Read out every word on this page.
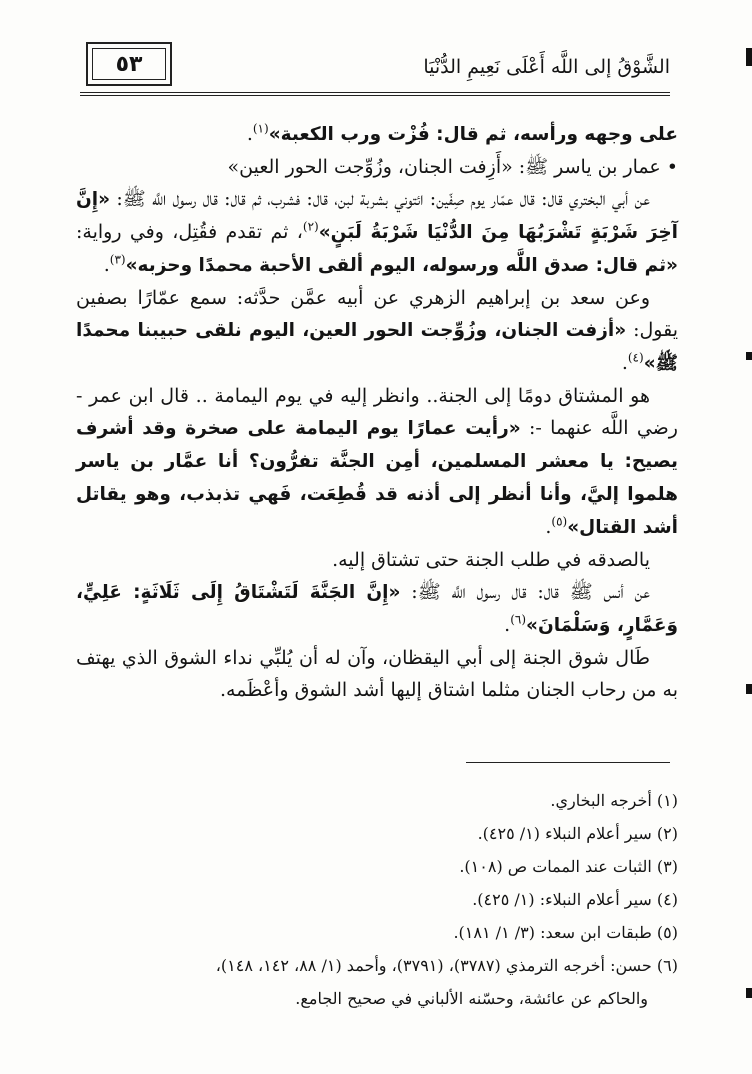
٥٣	الشَّوْقُ إلى اللَّه أَعْلَى نَعِيمِ الدُّنْيَا

على وجهه ورأسه، ثم قال: فُزْت ورب الكعبة»$^{(١)}$.

• عمار بن ياسر ﷺ: «أَزِفت الجنان، وزُوِّجت الحور العين»

عن أبي البختري قال: قال عمّار يوم صِفّين: ائتوني بشربة لبن، قال: فشرب، ثم قال: قال رسول اللَّه ﷺ: «إِنَّ آخِرَ شَرْبَةٍ تَشْرَبُهَا مِنَ الدُّنْيَا شَرْبَةُ لَبَنٍ»$^{(٢)}$، ثم تقدم فقُتِل، وفي رواية: «ثم قال: صدق اللَّه ورسوله، اليوم ألقى الأحبة محمدًا وحزبه»$^{(٣)}$.

وعن سعد بن إبراهيم الزهري عن أبيه عمَّن حدَّثه: سمع عمّارًا بصفين يقول: «أزفت الجنان، وزُوِّجت الحور العين، اليوم نلقى حبيبنا محمدًا ﷺ»$^{(٤)}$.

هو المشتاق دومًا إلى الجنة.. وانظر إليه في يوم اليمامة .. قال ابن عمر - رضي اللَّه عنهما -: «رأيت عمارًا يوم اليمامة على صخرة وقد أشرف يصيح: يا معشر المسلمين، أمِن الجنَّة تفرُّون؟ أنا عمَّار بن ياسر هلموا إليَّ، وأنا أنظر إلى أذنه قد قُطِعَت، فَهي تذبذب، وهو يقاتل أشد القتال»$^{(٥)}$.

يالصدقه في طلب الجنة حتى تشتاق إليه.

عن أنس ﷺ قال: قال رسول اللَّه ﷺ: «إِنَّ الجَنَّةَ لَتَشْتَاقُ إِلَى ثَلَاثَةٍ: عَلِيٍّ، وَعَمَّارٍ، وَسَلْمَانَ»$^{(٦)}$.

طَال شوق الجنة إلى أبي اليقظان، وآن له أن يُلبِّي نداء الشوق الذي يهتف به من رحاب الجنان مثلما اشتاق إليها أشد الشوق وأعْظَمه.

(١) أخرجه البخاري.

(٢) سير أعلام النبلاء (١/ ٤٢٥).

(٣) الثبات عند الممات ص (١٠٨).

(٤) سير أعلام النبلاء: (١/ ٤٢٥).

(٥) طبقات ابن سعد: (٣/ ١/ ١٨١).

(٦) حسن: أخرجه الترمذي (٣٧٨٧)، (٣٧٩١)، وأحمد (١/ ٨٨، ١٤٢، ١٤٨)،

والحاكم عن عائشة، وحسّنه الألباني في صحيح الجامع.
